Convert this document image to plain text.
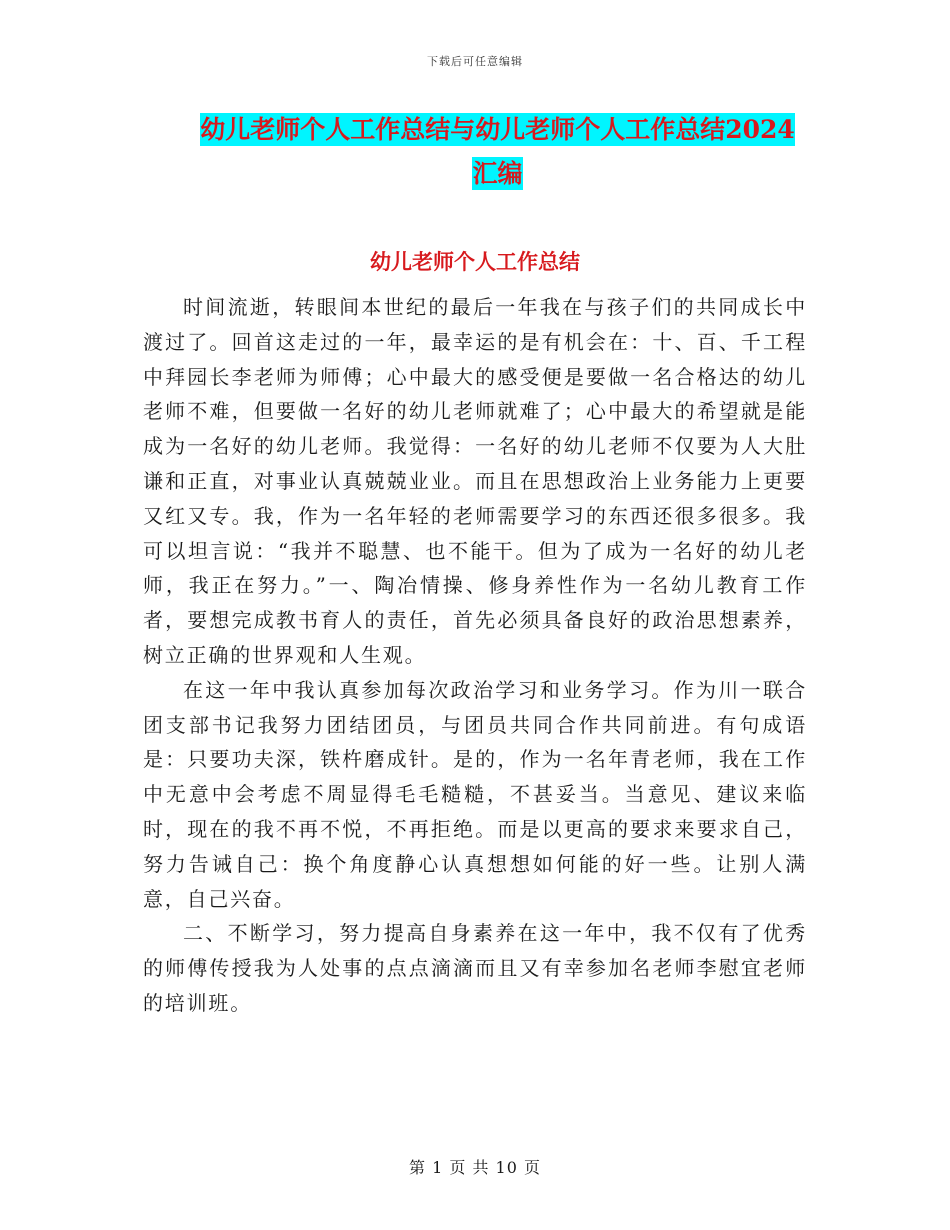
下载后可任意编辑
幼儿老师个人工作总结与幼儿老师个人工作总结2024汇编
幼儿老师个人工作总结

时间流逝，转眼间本世纪的最后一年我在与孩子们的共同成长中渡过了。回首这走过的一年，最幸运的是有机会在：十、百、千工程中拜园长李老师为师傅；心中最大的感受便是要做一名合格达的幼儿老师不难，但要做一名好的幼儿老师就难了；心中最大的希望就是能成为一名好的幼儿老师。我觉得：一名好的幼儿老师不仅要为人大肚谦和正直，对事业认真兢兢业业。而且在思想政治上业务能力上更要又红又专。我，作为一名年轻的老师需要学习的东西还很多很多。我可以坦言说：“我并不聪慧、也不能干。但为了成为一名好的幼儿老师，我正在努力。”一、陶冶情操、修身养性作为一名幼儿教育工作者，要想完成教书育人的责任，首先必须具备良好的政治思想素养，树立正确的世界观和人生观。

在这一年中我认真参加每次政治学习和业务学习。作为川一联合团支部书记我努力团结团员，与团员共同合作共同前进。有句成语是：只要功夫深，铁杵磨成针。是的，作为一名年青老师，我在工作中无意中会考虑不周显得毛毛糙糙，不甚妥当。当意见、建议来临时，现在的我不再不悦，不再拒绝。而是以更高的要求来要求自己，努力告诫自己：换个角度静心认真想想如何能的好一些。让别人满意，自己兴奋。

二、不断学习，努力提高自身素养在这一年中，我不仅有了优秀的师傅传授我为人处事的点点滴滴而且又有幸参加名老师李慰宜老师的培训班。

第 1 页 共 10 页
